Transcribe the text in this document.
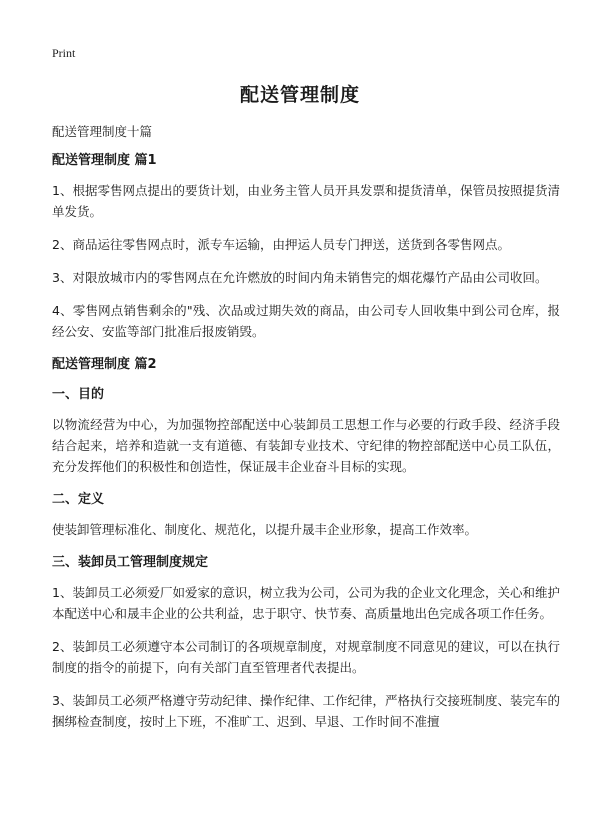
Print
配送管理制度
配送管理制度十篇

配送管理制度 篇1

1、根据零售网点提出的要货计划，由业务主管人员开具发票和提货清单，保管员按照提货清单发货。

2、商品运往零售网点时，派专车运输，由押运人员专门押送，送货到各零售网点。

3、对限放城市内的零售网点在允许燃放的时间内角未销售完的烟花爆竹产品由公司收回。

4、零售网点销售剩余的"残、次品或过期失效的商品，由公司专人回收集中到公司仓库，报经公安、安监等部门批准后报废销毁。

配送管理制度 篇2

一、目的

以物流经营为中心，为加强物控部配送中心装卸员工思想工作与必要的行政手段、经济手段结合起来，培养和造就一支有道德、有装卸专业技术、守纪律的物控部配送中心员工队伍，充分发挥他们的积极性和创造性，保证晟丰企业奋斗目标的实现。

二、定义

使装卸管理标准化、制度化、规范化，以提升晟丰企业形象，提高工作效率。

三、装卸员工管理制度规定

1、装卸员工必须爱厂如爱家的意识，树立我为公司，公司为我的企业文化理念，关心和维护本配送中心和晟丰企业的公共利益，忠于职守、快节奏、高质量地出色完成各项工作任务。

2、装卸员工必须遵守本公司制订的各项规章制度，对规章制度不同意见的建议，可以在执行制度的指令的前提下，向有关部门直至管理者代表提出。

3、装卸员工必须严格遵守劳动纪律、操作纪律、工作纪律，严格执行交接班制度、装完车的捆绑检查制度，按时上下班，不准旷工、迟到、早退、工作时间不准擅
